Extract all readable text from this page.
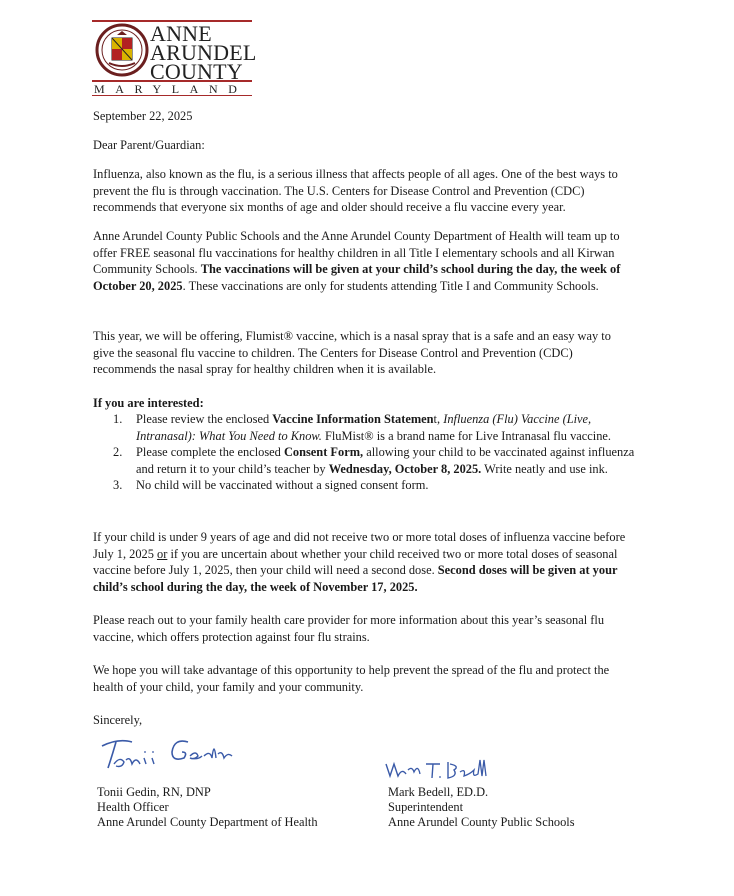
ANNE
ARUNDEL
COUNTY
MARYLAND

September 22, 2025

Dear Parent/Guardian:

Influenza, also known as the flu, is a serious illness that affects people of all ages. One of the best ways to prevent the flu is through vaccination. The U.S. Centers for Disease Control and Prevention (CDC) recommends that everyone six months of age and older should receive a flu vaccine every year.

Anne Arundel County Public Schools and the Anne Arundel County Department of Health will team up to offer FREE seasonal flu vaccinations for healthy children in all Title I elementary schools and all Kirwan Community Schools. The vaccinations will be given at your child’s school during the day, the week of October 20, 2025. These vaccinations are only for students attending Title I and Community Schools.

This year, we will be offering, Flumist® vaccine, which is a nasal spray that is a safe and an easy way to give the seasonal flu vaccine to children. The Centers for Disease Control and Prevention (CDC) recommends the nasal spray for healthy children when it is available.

If you are interested:

1. Please review the enclosed Vaccine Information Statement, Influenza (Flu) Vaccine (Live, Intranasal): What You Need to Know. FluMist® is a brand name for Live Intranasal flu vaccine.
2. Please complete the enclosed Consent Form, allowing your child to be vaccinated against influenza and return it to your child’s teacher by Wednesday, October 8, 2025. Write neatly and use ink.
3. No child will be vaccinated without a signed consent form.

If your child is under 9 years of age and did not receive two or more total doses of influenza vaccine before July 1, 2025 or if you are uncertain about whether your child received two or more total doses of seasonal vaccine before July 1, 2025, then your child will need a second dose. Second doses will be given at your child’s school during the day, the week of November 17, 2025.

Please reach out to your family health care provider for more information about this year’s seasonal flu vaccine, which offers protection against four flu strains.

We hope you will take advantage of this opportunity to help prevent the spread of the flu and protect the health of your child, your family and your community.

Sincerely,

Tonii Gedin, RN, DNP
Health Officer
Anne Arundel County Department of Health
Mark Bedell, ED.D.
Superintendent
Anne Arundel County Public Schools
